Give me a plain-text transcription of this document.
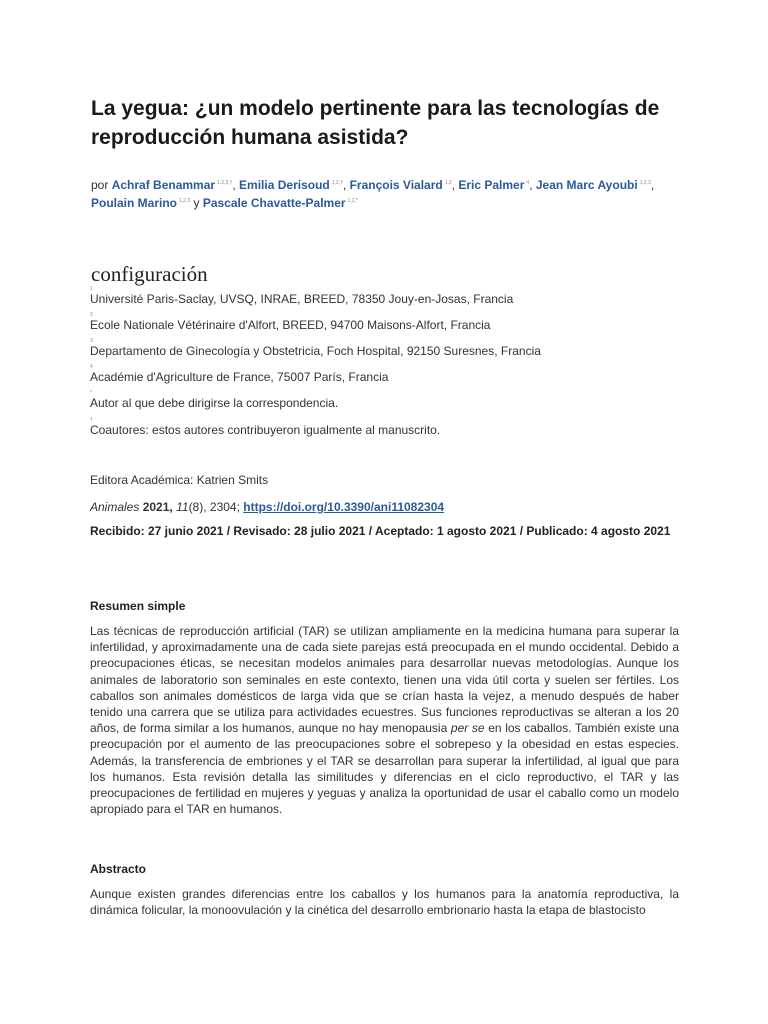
La yegua: ¿un modelo pertinente para las tecnologías de reproducción humana asistida?
por Achraf Benammar $^{1,2,3,\dagger}$, Emilia Derisoud $^{1,2,\dagger}$, François Vialard $^{1,2}$, Eric Palmer $^4$, Jean Marc Ayoubi $^{1,2,3}$, Poulain Marino $^{1,2,3}$ y Pascale Chavatte-Palmer $^{1,2,*}$
configuración
1
Université Paris-Saclay, UVSQ, INRAE, BREED, 78350 Jouy-en-Josas, Francia
2
Ecole Nationale Vétérinaire d'Alfort, BREED, 94700 Maisons-Alfort, Francia
3
Departamento de Ginecología y Obstetricia, Foch Hospital, 92150 Suresnes, Francia
4
Académie d'Agriculture de France, 75007 París, Francia
*
Autor al que debe dirigirse la correspondencia.
†
Coautores: estos autores contribuyeron igualmente al manuscrito.
Editora Académica: Katrien Smits
Animales 2021, 11(8), 2304; https://doi.org/10.3390/ani11082304
Recibido: 27 junio 2021 / Revisado: 28 julio 2021 / Aceptado: 1 agosto 2021 / Publicado: 4 agosto 2021
Resumen simple

Las técnicas de reproducción artificial (TAR) se utilizan ampliamente en la medicina humana para superar la infertilidad, y aproximadamente una de cada siete parejas está preocupada en el mundo occidental. Debido a preocupaciones éticas, se necesitan modelos animales para desarrollar nuevas metodologías. Aunque los animales de laboratorio son seminales en este contexto, tienen una vida útil corta y suelen ser fértiles. Los caballos son animales domésticos de larga vida que se crían hasta la vejez, a menudo después de haber tenido una carrera que se utiliza para actividades ecuestres. Sus funciones reproductivas se alteran a los 20 años, de forma similar a los humanos, aunque no hay menopausia per se en los caballos. También existe una preocupación por el aumento de las preocupaciones sobre el sobrepeso y la obesidad en estas especies. Además, la transferencia de embriones y el TAR se desarrollan para superar la infertilidad, al igual que para los humanos. Esta revisión detalla las similitudes y diferencias en el ciclo reproductivo, el TAR y las preocupaciones de fertilidad en mujeres y yeguas y analiza la oportunidad de usar el caballo como un modelo apropiado para el TAR en humanos.

Abstracto

Aunque existen grandes diferencias entre los caballos y los humanos para la anatomía reproductiva, la dinámica folicular, la monoovulación y la cinética del desarrollo embrionario hasta la etapa de blastocisto
